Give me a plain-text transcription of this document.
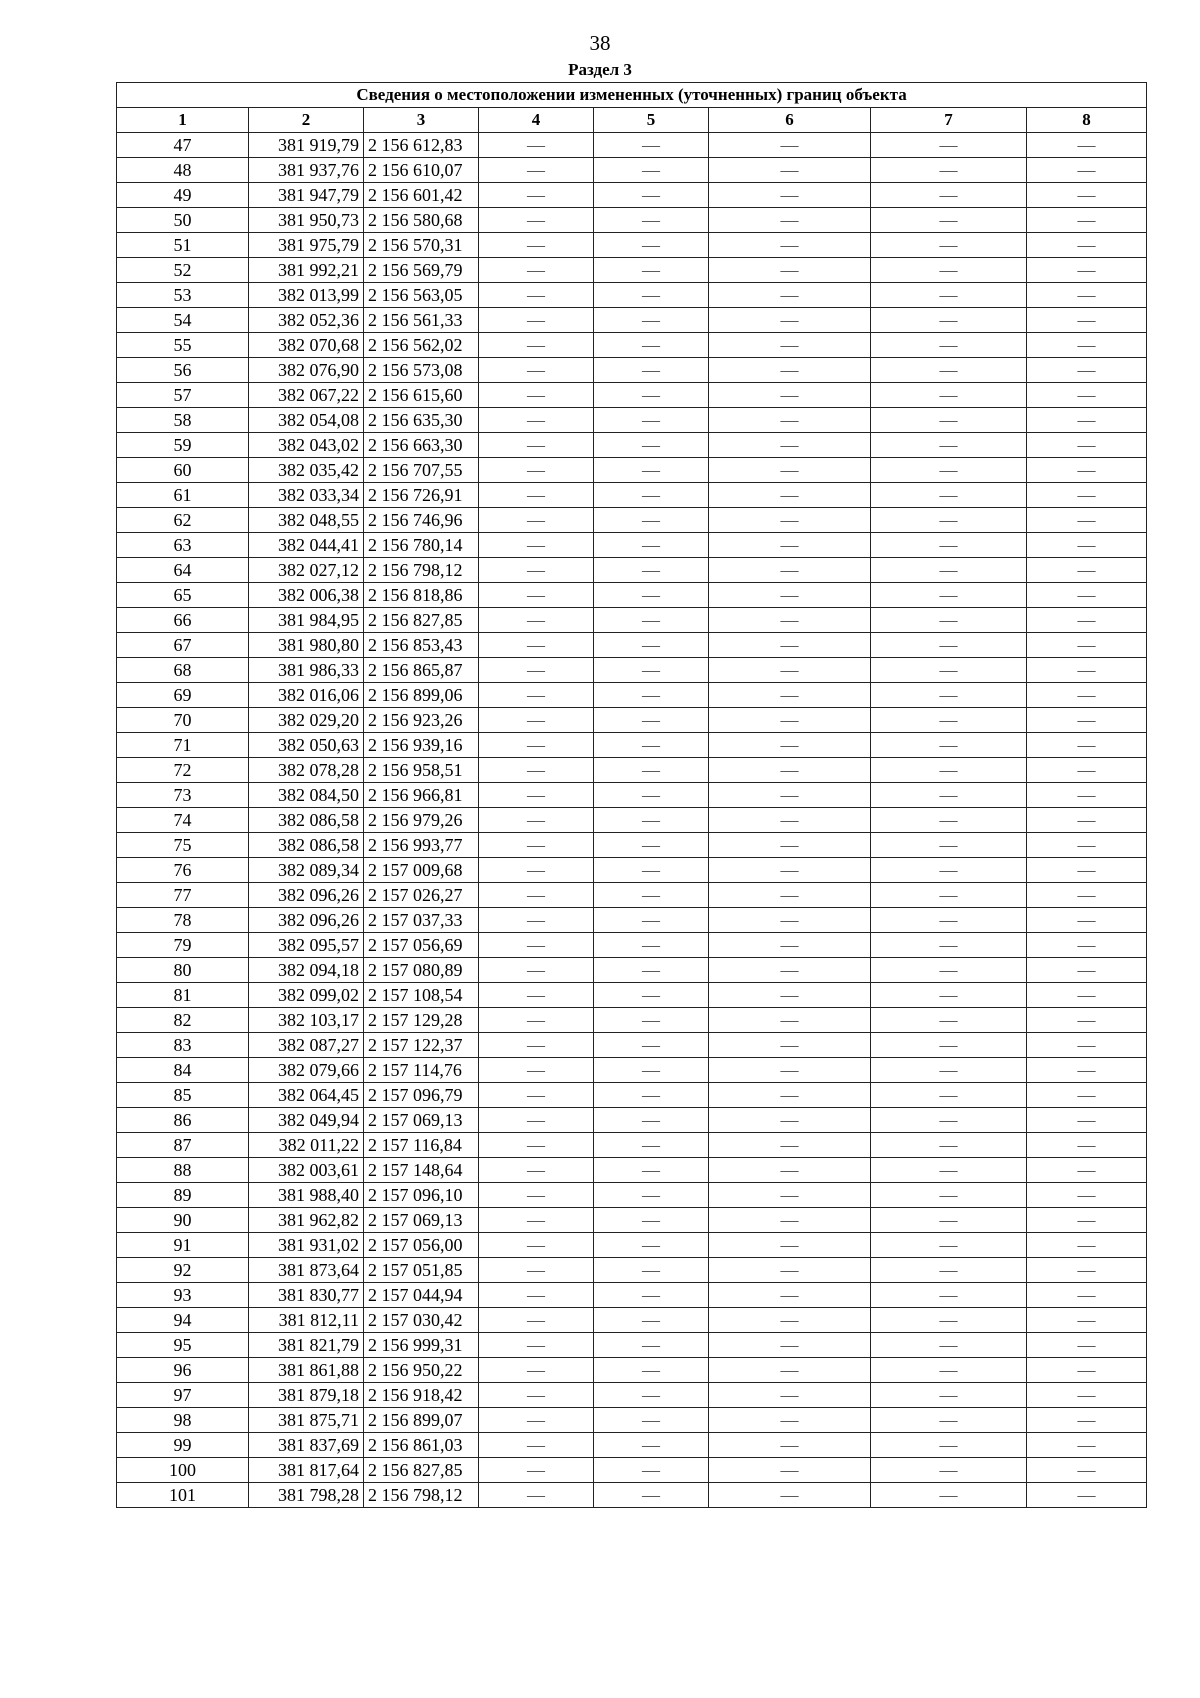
38
Раздел 3
Сведения о местоположении измененных (уточненных) границ объекта							
1	2	3	4	5	6	7	8
47	381 919,79	2 156 612,83	—	—	—	—	—
48	381 937,76	2 156 610,07	—	—	—	—	—
49	381 947,79	2 156 601,42	—	—	—	—	—
50	381 950,73	2 156 580,68	—	—	—	—	—
51	381 975,79	2 156 570,31	—	—	—	—	—
52	381 992,21	2 156 569,79	—	—	—	—	—
53	382 013,99	2 156 563,05	—	—	—	—	—
54	382 052,36	2 156 561,33	—	—	—	—	—
55	382 070,68	2 156 562,02	—	—	—	—	—
56	382 076,90	2 156 573,08	—	—	—	—	—
57	382 067,22	2 156 615,60	—	—	—	—	—
58	382 054,08	2 156 635,30	—	—	—	—	—
59	382 043,02	2 156 663,30	—	—	—	—	—
60	382 035,42	2 156 707,55	—	—	—	—	—
61	382 033,34	2 156 726,91	—	—	—	—	—
62	382 048,55	2 156 746,96	—	—	—	—	—
63	382 044,41	2 156 780,14	—	—	—	—	—
64	382 027,12	2 156 798,12	—	—	—	—	—
65	382 006,38	2 156 818,86	—	—	—	—	—
66	381 984,95	2 156 827,85	—	—	—	—	—
67	381 980,80	2 156 853,43	—	—	—	—	—
68	381 986,33	2 156 865,87	—	—	—	—	—
69	382 016,06	2 156 899,06	—	—	—	—	—
70	382 029,20	2 156 923,26	—	—	—	—	—
71	382 050,63	2 156 939,16	—	—	—	—	—
72	382 078,28	2 156 958,51	—	—	—	—	—
73	382 084,50	2 156 966,81	—	—	—	—	—
74	382 086,58	2 156 979,26	—	—	—	—	—
75	382 086,58	2 156 993,77	—	—	—	—	—
76	382 089,34	2 157 009,68	—	—	—	—	—
77	382 096,26	2 157 026,27	—	—	—	—	—
78	382 096,26	2 157 037,33	—	—	—	—	—
79	382 095,57	2 157 056,69	—	—	—	—	—
80	382 094,18	2 157 080,89	—	—	—	—	—
81	382 099,02	2 157 108,54	—	—	—	—	—
82	382 103,17	2 157 129,28	—	—	—	—	—
83	382 087,27	2 157 122,37	—	—	—	—	—
84	382 079,66	2 157 114,76	—	—	—	—	—
85	382 064,45	2 157 096,79	—	—	—	—	—
86	382 049,94	2 157 069,13	—	—	—	—	—
87	382 011,22	2 157 116,84	—	—	—	—	—
88	382 003,61	2 157 148,64	—	—	—	—	—
89	381 988,40	2 157 096,10	—	—	—	—	—
90	381 962,82	2 157 069,13	—	—	—	—	—
91	381 931,02	2 157 056,00	—	—	—	—	—
92	381 873,64	2 157 051,85	—	—	—	—	—
93	381 830,77	2 157 044,94	—	—	—	—	—
94	381 812,11	2 157 030,42	—	—	—	—	—
95	381 821,79	2 156 999,31	—	—	—	—	—
96	381 861,88	2 156 950,22	—	—	—	—	—
97	381 879,18	2 156 918,42	—	—	—	—	—
98	381 875,71	2 156 899,07	—	—	—	—	—
99	381 837,69	2 156 861,03	—	—	—	—	—
100	381 817,64	2 156 827,85	—	—	—	—	—
101	381 798,28	2 156 798,12	—	—	—	—	—
